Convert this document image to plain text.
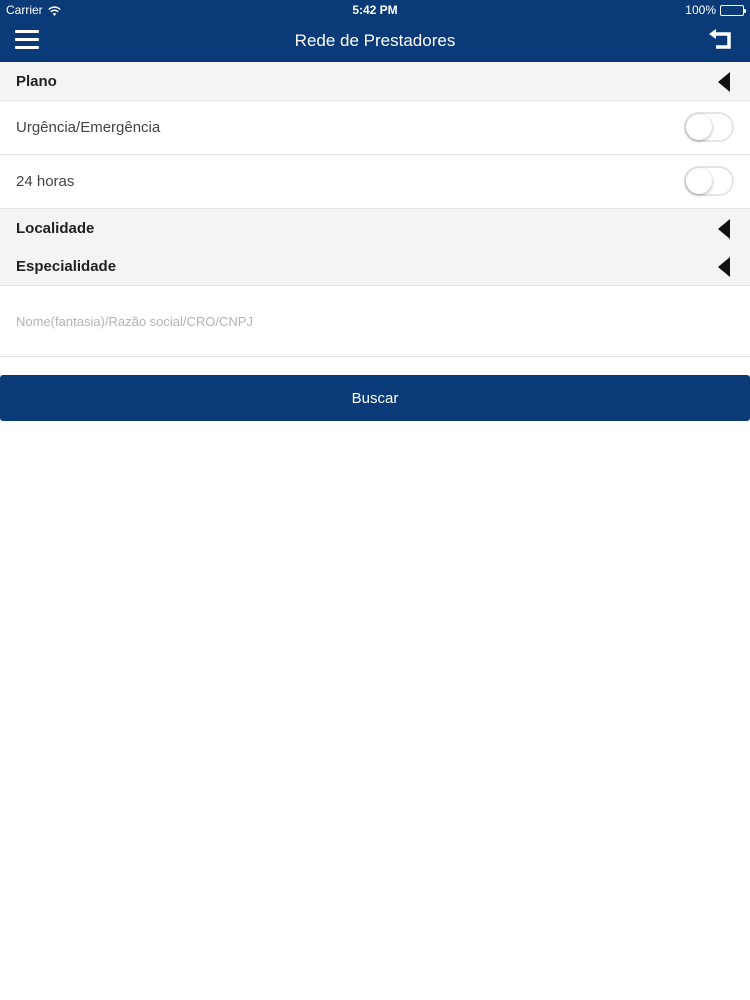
Carrier	5:42 PM	100%
Rede de Prestadores
Plano
Urgência/Emergência
24 horas
Localidade
Especialidade
Nome(fantasia)/Razão social/CRO/CNPJ
Buscar
